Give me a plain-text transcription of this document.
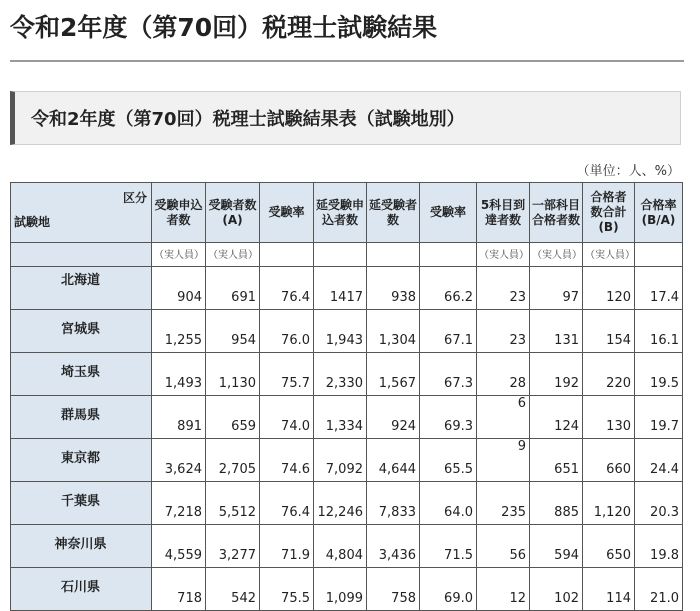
令和2年度（第70回）税理士試験結果
令和2年度（第70回）税理士試験結果表（試験地別）
（単位：人、%）
区分
試験地	受験申込者数	受験者数(A)	受験率	延受験申込者数	延受験者数	受験率	5科目到達者数	一部科目合格者数	合格者数合計(B)	合格率(B/A)
	（実人員）	（実人員）					（実人員）	（実人員）	（実人員）	
北海道	904	691	76.4	1417	938	66.2	23	97	120	17.4
宮城県	1,255	954	76.0	1,943	1,304	67.1	23	131	154	16.1
埼玉県	1,493	1,130	75.7	2,330	1,567	67.3	28	192	220	19.5
群馬県	891	659	74.0	1,334	924	69.3	6	124	130	19.7
東京都	3,624	2,705	74.6	7,092	4,644	65.5	9	651	660	24.4
千葉県	7,218	5,512	76.4	12,246	7,833	64.0	235	885	1,120	20.3
神奈川県	4,559	3,277	71.9	4,804	3,436	71.5	56	594	650	19.8
石川県	718	542	75.5	1,099	758	69.0	12	102	114	21.0
